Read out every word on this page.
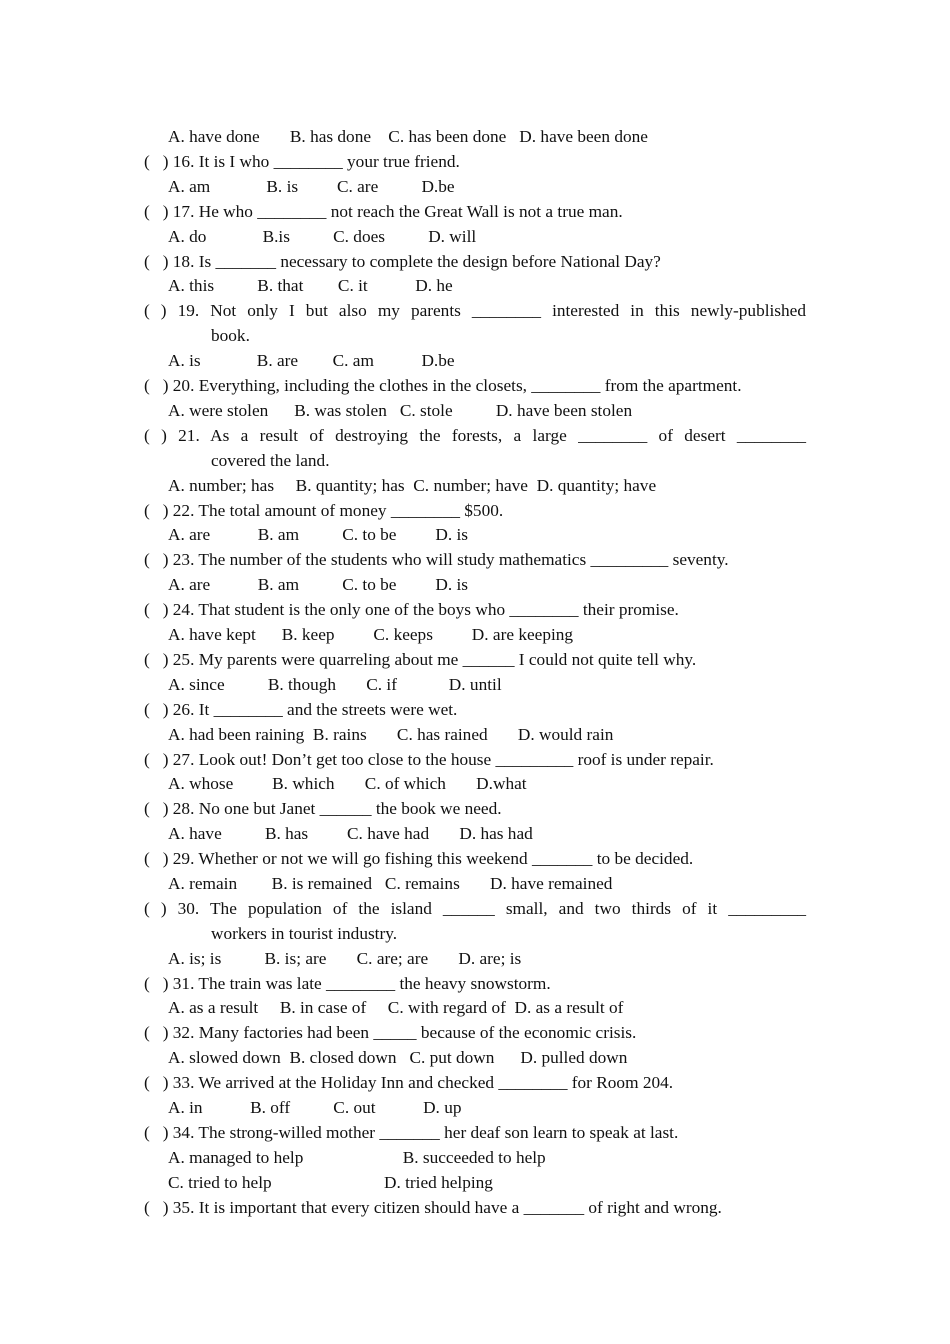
A. have done       B. has done    C. has been done   D. have been done
(   ) 16. It is I who ________ your true friend.
A. am             B. is         C. are          D.be
(   ) 17. He who ________ not reach the Great Wall is not a true man.
A. do             B.is          C. does          D. will
(   ) 18. Is _______ necessary to complete the design before National Day?
A. this          B. that        C. it           D. he
( ) 19. Not only I but also my parents ________ interested in this newly-published
book.
A. is             B. are        C. am           D.be
(   ) 20. Everything, including the clothes in the closets, ________ from the apartment.
A. were stolen      B. was stolen   C. stole          D. have been stolen
( ) 21. As a result of destroying the forests, a large ________ of desert ________
covered the land.
A. number; has     B. quantity; has  C. number; have  D. quantity; have
(   ) 22. The total amount of money ________ $500.
A. are           B. am          C. to be         D. is
(   ) 23. The number of the students who will study mathematics _________ seventy.
A. are           B. am          C. to be         D. is
(   ) 24. That student is the only one of the boys who ________ their promise.
A. have kept      B. keep         C. keeps         D. are keeping
(   ) 25. My parents were quarreling about me ______ I could not quite tell why.
A. since          B. though       C. if            D. until
(   ) 26. It ________ and the streets were wet.
A. had been raining  B. rains       C. has rained       D. would rain
(   ) 27. Look out! Don’t get too close to the house _________ roof is under repair.
A. whose         B. which       C. of which       D.what
(   ) 28. No one but Janet ______ the book we need.
A. have          B. has         C. have had       D. has had
(   ) 29. Whether or not we will go fishing this weekend _______ to be decided.
A. remain        B. is remained   C. remains       D. have remained
( ) 30. The population of the island ______ small, and two thirds of it _________
workers in tourist industry.
A. is; is          B. is; are       C. are; are       D. are; is
(   ) 31. The train was late ________ the heavy snowstorm.
A. as a result     B. in case of     C. with regard of  D. as a result of
(   ) 32. Many factories had been _____ because of the economic crisis.
A. slowed down  B. closed down   C. put down      D. pulled down
(   ) 33. We arrived at the Holiday Inn and checked ________ for Room 204.
A. in           B. off          C. out           D. up
(   ) 34. The strong-willed mother _______ her deaf son learn to speak at last.
A. managed to help                       B. succeeded to help
C. tried to help                          D. tried helping
(   ) 35. It is important that every citizen should have a _______ of right and wrong.
